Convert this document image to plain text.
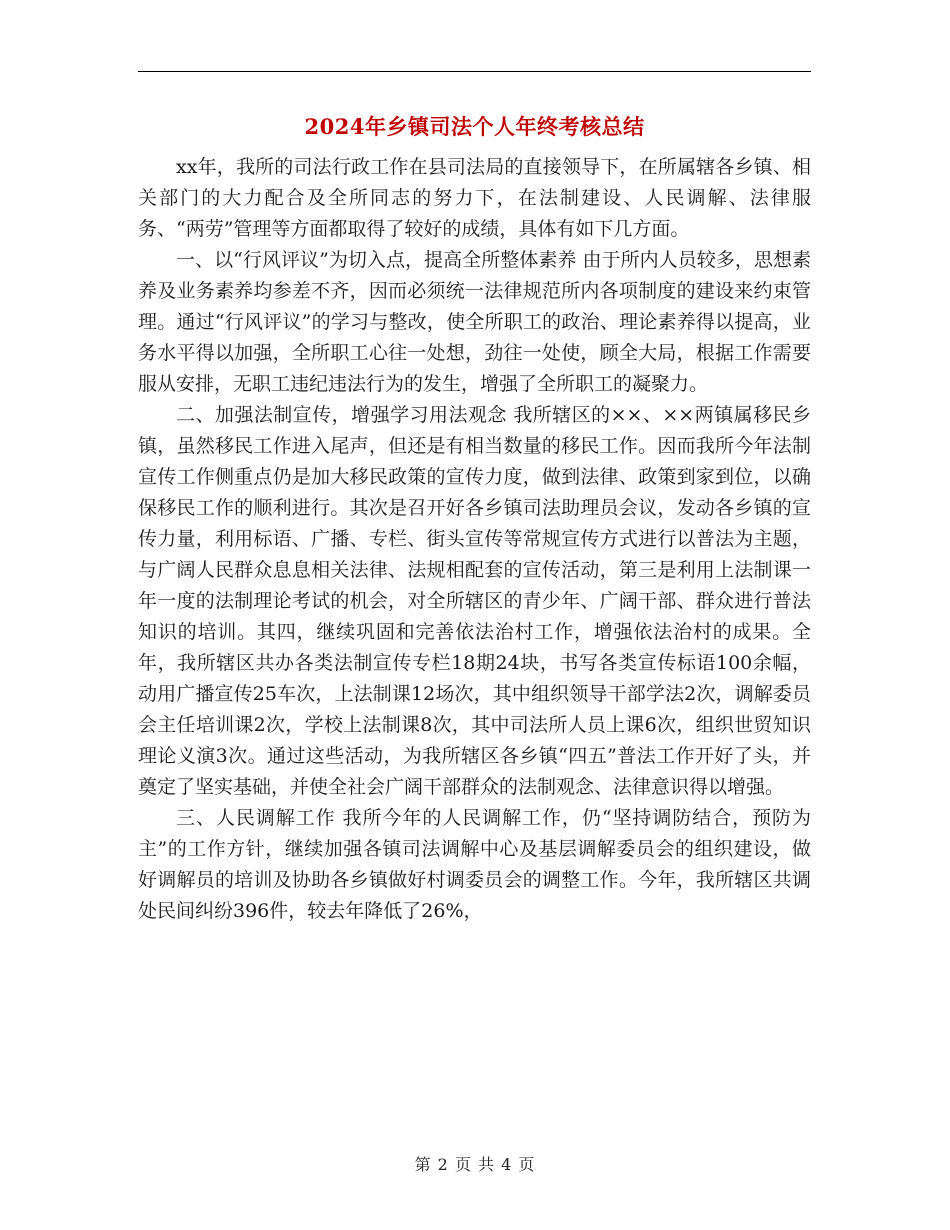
2024年乡镇司法个人年终考核总结

xx年，我所的司法行政工作在县司法局的直接领导下，在所属辖各乡镇、相关部门的大力配合及全所同志的努力下，在法制建设、人民调解、法律服务、“两劳”管理等方面都取得了较好的成绩，具体有如下几方面。

一、以“行风评议”为切入点，提高全所整体素养 由于所内人员较多，思想素养及业务素养均参差不齐，因而必须统一法律规范所内各项制度的建设来约束管理。通过“行风评议”的学习与整改，使全所职工的政治、理论素养得以提高，业务水平得以加强，全所职工心往一处想，劲往一处使，顾全大局，根据工作需要服从安排，无职工违纪违法行为的发生，增强了全所职工的凝聚力。

二、加强法制宣传，增强学习用法观念 我所辖区的××、××两镇属移民乡镇，虽然移民工作进入尾声，但还是有相当数量的移民工作。因而我所今年法制宣传工作侧重点仍是加大移民政策的宣传力度，做到法律、政策到家到位，以确保移民工作的顺利进行。其次是召开好各乡镇司法助理员会议，发动各乡镇的宣传力量，利用标语、广播、专栏、街头宣传等常规宣传方式进行以普法为主题，与广阔人民群众息息相关法律、法规相配套的宣传活动，第三是利用上法制课一年一度的法制理论考试的机会，对全所辖区的青少年、广阔干部、群众进行普法知识的培训。其四，继续巩固和完善依法治村工作，增强依法治村的成果。全年，我所辖区共办各类法制宣传专栏18期24块，书写各类宣传标语100余幅，动用广播宣传25车次，上法制课12场次，其中组织领导干部学法2次，调解委员会主任培训课2次，学校上法制课8次，其中司法所人员上课6次，组织世贸知识理论义演3次。通过这些活动，为我所辖区各乡镇“四五”普法工作开好了头，并奠定了坚实基础，并使全社会广阔干部群众的法制观念、法律意识得以增强。

三、人民调解工作 我所今年的人民调解工作，仍“坚持调防结合，预防为主”的工作方针，继续加强各镇司法调解中心及基层调解委员会的组织建设，做好调解员的培训及协助各乡镇做好村调委员会的调整工作。今年，我所辖区共调处民间纠纷396件，较去年降低了26%，

第 2 页 共 4 页
